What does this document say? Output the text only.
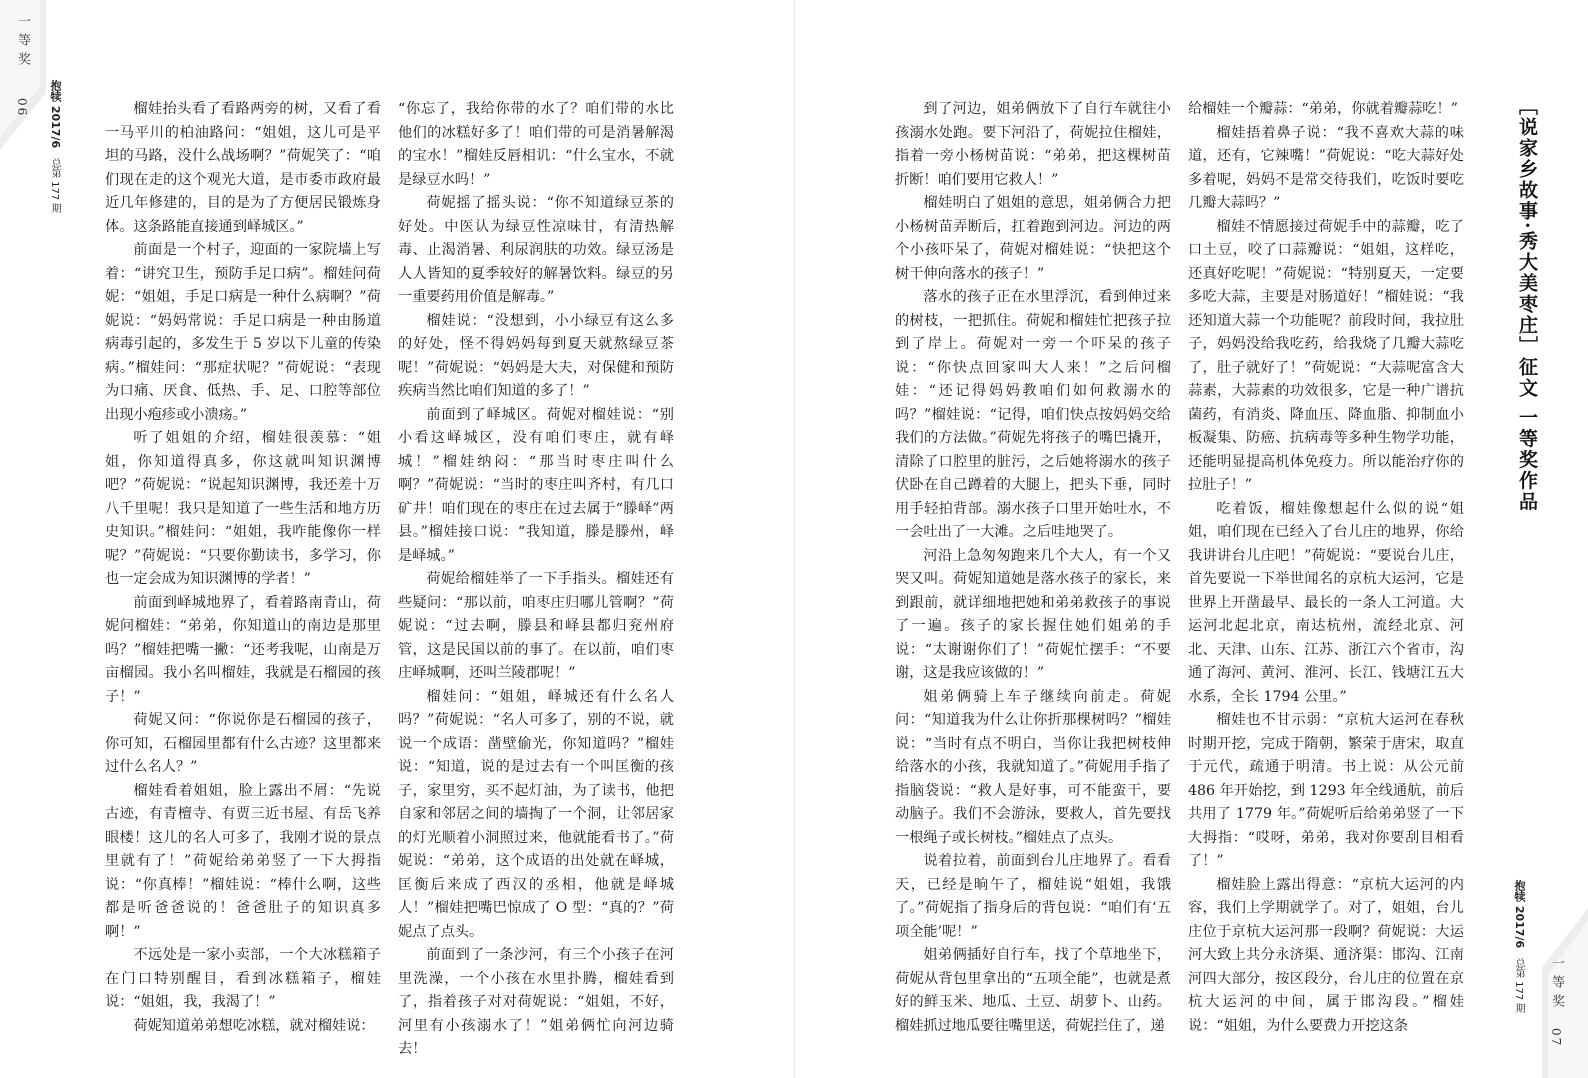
一等奖
06 抱犊 2017/6
总第 177 期	［说家乡故事·秀大美枣庄］征文 一等奖作品
抱犊 2017/6
总第 177 期 一等奖
07

榴娃抬头看了看路两旁的树，又看了看一马平川的柏油路问：“姐姐，这儿可是平坦的马路，没什么战场啊？”荷妮笑了：“咱们现在走的这个观光大道，是市委市政府最近几年修建的，目的是为了方便居民锻炼身体。这条路能直接通到峄城区。”

前面是一个村子，迎面的一家院墙上写着：“讲究卫生，预防手足口病”。榴娃问荷妮：“姐姐，手足口病是一种什么病啊？”荷妮说：“妈妈常说：手足口病是一种由肠道病毒引起的，多发生于 5 岁以下儿童的传染病。”榴娃问：“那症状呢？”荷妮说：“表现为口痛、厌食、低热、手、足、口腔等部位出现小疱疹或小溃疡。”

听了姐姐的介绍，榴娃很羡慕：“姐姐，你知道得真多，你这就叫知识渊博吧？”荷妮说：“说起知识渊博，我还差十万八千里呢！我只是知道了一些生活和地方历史知识。”榴娃问：“姐姐，我咋能像你一样呢？”荷妮说：“只要你勤读书，多学习，你也一定会成为知识渊博的学者！”

前面到峄城地界了，看着路南青山，荷妮问榴娃：“弟弟，你知道山的南边是那里吗？”榴娃把嘴一撇：“还考我呢，山南是万亩榴园。我小名叫榴娃，我就是石榴园的孩子！”

荷妮又问：“你说你是石榴园的孩子，你可知，石榴园里都有什么古迹？这里都来过什么名人？”

榴娃看着姐姐，脸上露出不屑：“先说古迹，有青檀寺、有贾三近书屋、有岳飞养眼楼！这儿的名人可多了，我刚才说的景点里就有了！”荷妮给弟弟竖了一下大拇指说：“你真棒！”榴娃说：“棒什么啊，这些都是听爸爸说的！爸爸肚子的知识真多啊！”

不远处是一家小卖部，一个大冰糕箱子在门口特别醒目，看到冰糕箱子，榴娃说：“姐姐，我，我渴了！”

荷妮知道弟弟想吃冰糕，就对榴娃说：

“你忘了，我给你带的水了？咱们带的水比他们的冰糕好多了！咱们带的可是消暑解渴的宝水！”榴娃反唇相讥：“什么宝水，不就是绿豆水吗！”

荷妮摇了摇头说：“你不知道绿豆茶的好处。中医认为绿豆性凉味甘，有清热解毒、止渴消暑、利尿润肤的功效。绿豆汤是人人皆知的夏季较好的解暑饮料。绿豆的另一重要药用价值是解毒。”

榴娃说：“没想到，小小绿豆有这么多的好处，怪不得妈妈每到夏天就熬绿豆茶呢！”荷妮说：“妈妈是大夫，对保健和预防疾病当然比咱们知道的多了！”

前面到了峄城区。荷妮对榴娃说：“别小看这峄城区，没有咱们枣庄，就有峄城！”榴娃纳闷：“那当时枣庄叫什么啊？”荷妮说：“当时的枣庄叫齐村，有几口矿井！咱们现在的枣庄在过去属于“滕峄”两县。”榴娃接口说：“我知道，滕是滕州，峄是峄城。”

荷妮给榴娃举了一下手指头。榴娃还有些疑问：“那以前，咱枣庄归哪儿管啊？”荷妮说：“过去啊，滕县和峄县都归兖州府管，这是民国以前的事了。在以前，咱们枣庄峄城啊，还叫兰陵郡呢！”

榴娃问：“姐姐，峄城还有什么名人吗？”荷妮说：“名人可多了，别的不说，就说一个成语：凿壁偷光，你知道吗？”榴娃说：“知道，说的是过去有一个叫匡衡的孩子，家里穷，买不起灯油，为了读书，他把自家和邻居之间的墙掏了一个洞，让邻居家的灯光顺着小洞照过来，他就能看书了。”荷妮说：“弟弟，这个成语的出处就在峄城，匡衡后来成了西汉的丞相，他就是峄城人！”榴娃把嘴巴惊成了 O 型：“真的？”荷妮点了点头。

前面到了一条沙河，有三个小孩子在河里洗澡，一个小孩在水里扑腾，榴娃看到了，指着孩子对对荷妮说：“姐姐，不好，河里有小孩溺水了！”姐弟俩忙向河边骑去！

到了河边，姐弟俩放下了自行车就往小孩溺水处跑。要下河沿了，荷妮拉住榴娃，指着一旁小杨树苗说：“弟弟，把这棵树苗折断！咱们要用它救人！”

榴娃明白了姐姐的意思，姐弟俩合力把小杨树苗弄断后，扛着跑到河边。河边的两个小孩吓呆了，荷妮对榴娃说：“快把这个树干伸向落水的孩子！”

落水的孩子正在水里浮沉，看到伸过来的树枝，一把抓住。荷妮和榴娃忙把孩子拉到了岸上。荷妮对一旁一个吓呆的孩子说：“你快点回家叫大人来！”之后问榴娃：“还记得妈妈教咱们如何救溺水的吗？”榴娃说：“记得，咱们快点按妈妈交给我们的方法做。”荷妮先将孩子的嘴巴撬开，清除了口腔里的脏污，之后她将溺水的孩子伏卧在自己蹲着的大腿上，把头下垂，同时用手轻拍背部。溺水孩子口里开始吐水，不一会吐出了一大滩。之后哇地哭了。

河沿上急匆匆跑来几个大人，有一个又哭又叫。荷妮知道她是落水孩子的家长，来到跟前，就详细地把她和弟弟救孩子的事说了一遍。孩子的家长握住她们姐弟的手说：“太谢谢你们了！”荷妮忙摆手：“不要谢，这是我应该做的！”

姐弟俩骑上车子继续向前走。荷妮问：“知道我为什么让你折那棵树吗？”榴娃说：“当时有点不明白，当你让我把树枝伸给落水的小孩，我就知道了。”荷妮用手指了指脑袋说：“救人是好事，可不能蛮干，要动脑子。我们不会游泳，要救人，首先要找一根绳子或长树枝。”榴娃点了点头。

说着拉着，前面到台儿庄地界了。看看天，已经是晌午了，榴娃说“姐姐，我饿了。”荷妮指了指身后的背包说：“咱们有‘五项全能’呢！”

姐弟俩插好自行车，找了个草地坐下，荷妮从背包里拿出的“五项全能”，也就是煮好的鲜玉米、地瓜、土豆、胡萝卜、山药。榴娃抓过地瓜要往嘴里送，荷妮拦住了，递

给榴娃一个瓣蒜：“弟弟，你就着瓣蒜吃！”

榴娃捂着鼻子说：“我不喜欢大蒜的味道，还有，它辣嘴！”荷妮说：“吃大蒜好处多着呢，妈妈不是常交待我们，吃饭时要吃几瓣大蒜吗？”

榴娃不情愿接过荷妮手中的蒜瓣，吃了口土豆，咬了口蒜瓣说：“姐姐，这样吃，还真好吃呢！”荷妮说：“特别夏天，一定要多吃大蒜，主要是对肠道好！”榴娃说：“我还知道大蒜一个功能呢？前段时间，我拉肚子，妈妈没给我吃药，给我烧了几瓣大蒜吃了，肚子就好了！”荷妮说：“大蒜呢富含大蒜素，大蒜素的功效很多，它是一种广谱抗菌药，有消炎、降血压、降血脂、抑制血小板凝集、防癌、抗病毒等多种生物学功能，还能明显提高机体免疫力。所以能治疗你的拉肚子！”

吃着饭，榴娃像想起什么似的说“姐姐，咱们现在已经入了台儿庄的地界，你给我讲讲台儿庄吧！”荷妮说：“要说台儿庄，首先要说一下举世闻名的京杭大运河，它是世界上开凿最早、最长的一条人工河道。大运河北起北京，南达杭州，流经北京、河北、天津、山东、江苏、浙江六个省市，沟通了海河、黄河、淮河、长江、钱塘江五大水系，全长 1794 公里。”

榴娃也不甘示弱：“京杭大运河在春秋时期开挖，完成于隋朝，繁荣于唐宋，取直于元代，疏通于明清。书上说：从公元前 486 年开始挖，到 1293 年全线通航，前后共用了 1779 年。”荷妮听后给弟弟竖了一下大拇指：“哎呀，弟弟，我对你要刮目相看了！”

榴娃脸上露出得意：“京杭大运河的内容，我们上学期就学了。对了，姐姐，台儿庄位于京杭大运河那一段啊？荷妮说：大运河大致上共分永济渠、通济渠：邯沟、江南河四大部分，按区段分，台儿庄的位置在京杭大运河的中间，属于邯沟段。”榴娃说：“姐姐，为什么要费力开挖这条
